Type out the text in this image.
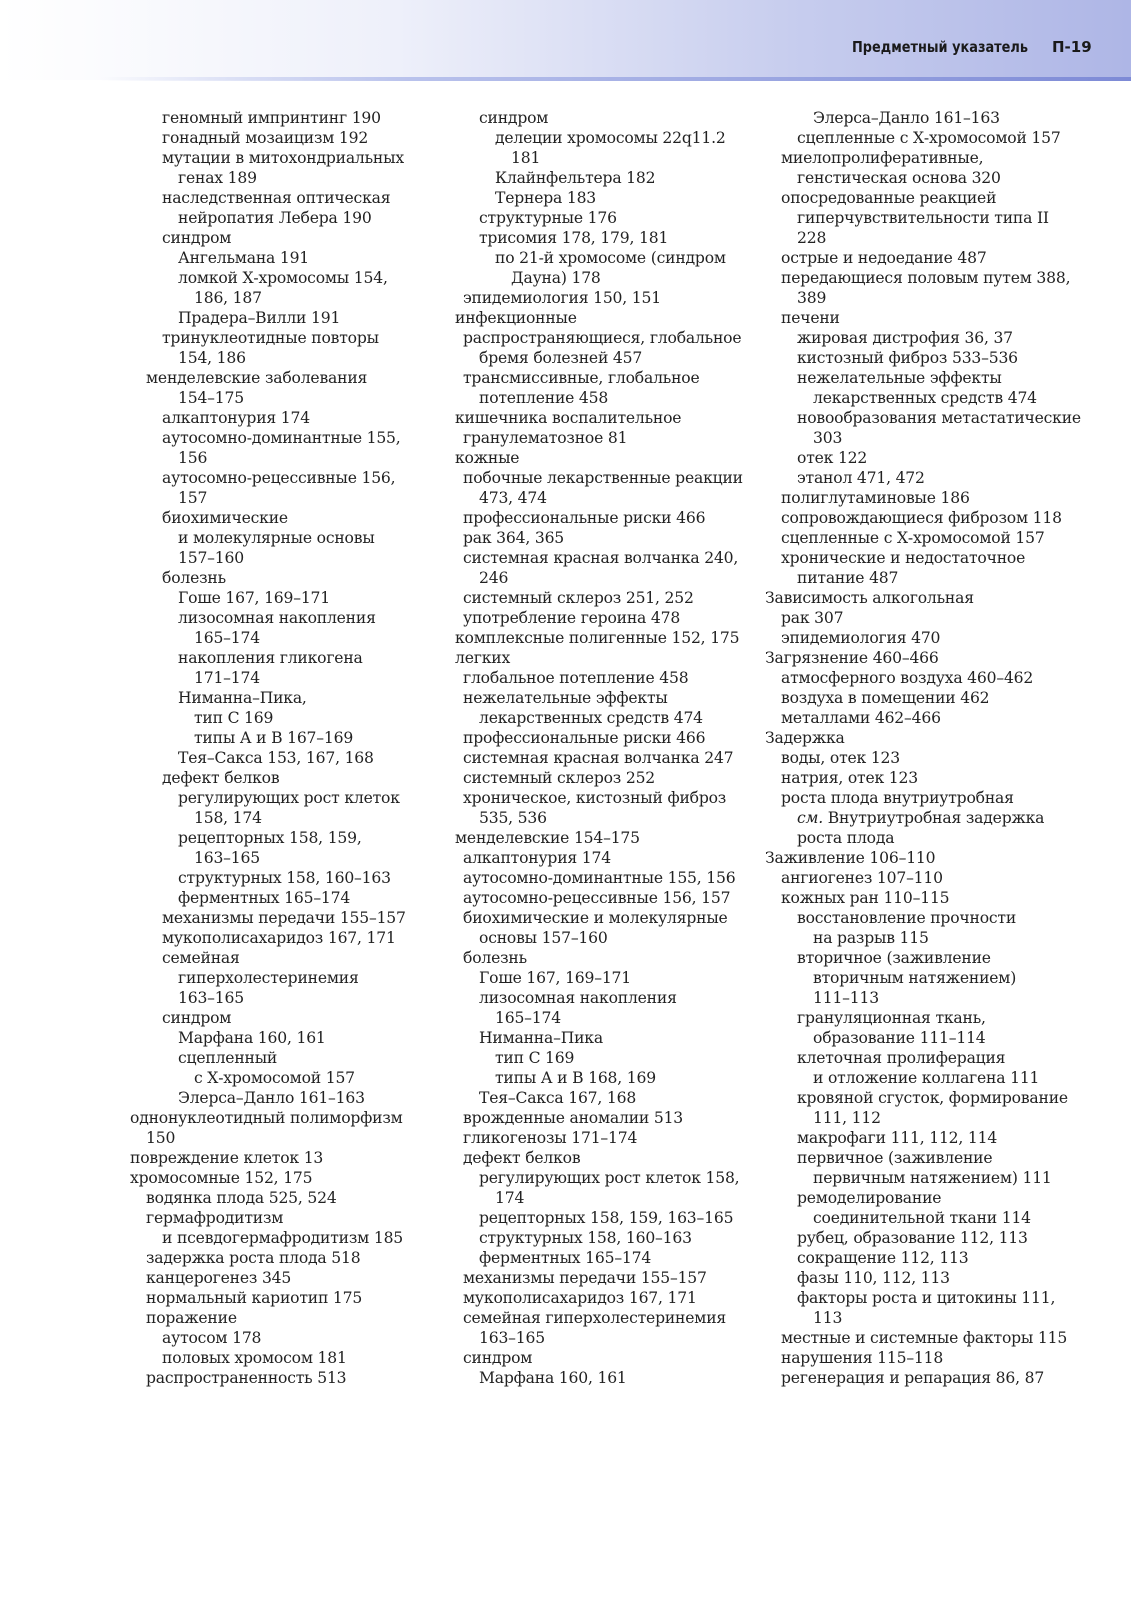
Предметный указатель П-19
геномный импринтинг 190
гонадный мозаицизм 192
мутации в митохондриальных
генах 189
наследственная оптическая
нейропатия Лебера 190
синдром
Ангельмана 191
ломкой Х-хромосомы 154,
186, 187
Прадера–Вилли 191
тринуклеотидные повторы
154, 186
менделевские заболевания
154–175
алкаптонурия 174
аутосомно-доминантные 155,
156
аутосомно-рецессивные 156,
157
биохимические
и молекулярные основы
157–160
болезнь
Гоше 167, 169–171
лизосомная накопления
165–174
накопления гликогена
171–174
Ниманна–Пика,
тип С 169
типы А и В 167–169
Тея–Сакса 153, 167, 168
дефект белков
регулирующих рост клеток
158, 174
рецепторных 158, 159,
163–165
структурных 158, 160–163
ферментных 165–174
механизмы передачи 155–157
мукополисахаридоз 167, 171
семейная
гиперхолестеринемия
163–165
синдром
Марфана 160, 161
сцепленный
с Х-хромосомой 157
Элерса–Данло 161–163
однонуклеотидный полиморфизм
150
повреждение клеток 13
хромосомные 152, 175
водянка плода 525, 524
гермафродитизм
и псевдогермафродитизм 185
задержка роста плода 518
канцерогенез 345
нормальный кариотип 175
поражение
аутосом 178
половых хромосом 181
распространенность 513
синдром
делеции хромосомы 22q11.2
181
Клайнфельтера 182
Тернера 183
структурные 176
трисомия 178, 179, 181
по 21-й хромосоме (синдром
Дауна) 178
эпидемиология 150, 151
инфекционные
распространяющиеся, глобальное
бремя болезней 457
трансмиссивные, глобальное
потепление 458
кишечника воспалительное
гранулематозное 81
кожные
побочные лекарственные реакции
473, 474
профессиональные риски 466
рак 364, 365
системная красная волчанка 240,
246
системный склероз 251, 252
употребление героина 478
комплексные полигенные 152, 175
легких
глобальное потепление 458
нежелательные эффекты
лекарственных средств 474
профессиональные риски 466
системная красная волчанка 247
системный склероз 252
хроническое, кистозный фиброз
535, 536
менделевские 154–175
алкаптонурия 174
аутосомно-доминантные 155, 156
аутосомно-рецессивные 156, 157
биохимические и молекулярные
основы 157–160
болезнь
Гоше 167, 169–171
лизосомная накопления
165–174
Ниманна–Пика
тип С 169
типы А и В 168, 169
Тея–Сакса 167, 168
врожденные аномалии 513
гликогенозы 171–174
дефект белков
регулирующих рост клеток 158,
174
рецепторных 158, 159, 163–165
структурных 158, 160–163
ферментных 165–174
механизмы передачи 155–157
мукополисахаридоз 167, 171
семейная гиперхолестеринемия
163–165
синдром
Марфана 160, 161
Элерса–Данло 161–163
сцепленные с Х-хромосомой 157
миелопролиферативные,
генстическая основа 320
опосредованные реакцией
гиперчувствительности типа II
228
острые и недоедание 487
передающиеся половым путем 388,
389
печени
жировая дистрофия 36, 37
кистозный фиброз 533–536
нежелательные эффекты
лекарственных средств 474
новообразования метастатические
303
отек 122
этанол 471, 472
полиглутаминовые 186
сопровождающиеся фиброзом 118
сцепленные с Х-хромосомой 157
хронические и недостаточное
питание 487
Зависимость алкогольная
рак 307
эпидемиология 470
Загрязнение 460–466
атмосферного воздуха 460–462
воздуха в помещении 462
металлами 462–466
Задержка
воды, отек 123
натрия, отек 123
роста плода внутриутробная
см. Внутриутробная задержка
роста плода
Заживление 106–110
ангиогенез 107–110
кожных ран 110–115
восстановление прочности
на разрыв 115
вторичное (заживление
вторичным натяжением)
111–113
грануляционная ткань,
образование 111–114
клеточная пролиферация
и отложение коллагена 111
кровяной сгусток, формирование
111, 112
макрофаги 111, 112, 114
первичное (заживление
первичным натяжением) 111
ремоделирование
соединительной ткани 114
рубец, образование 112, 113
сокращение 112, 113
фазы 110, 112, 113
факторы роста и цитокины 111,
113
местные и системные факторы 115
нарушения 115–118
регенерация и репарация 86, 87
